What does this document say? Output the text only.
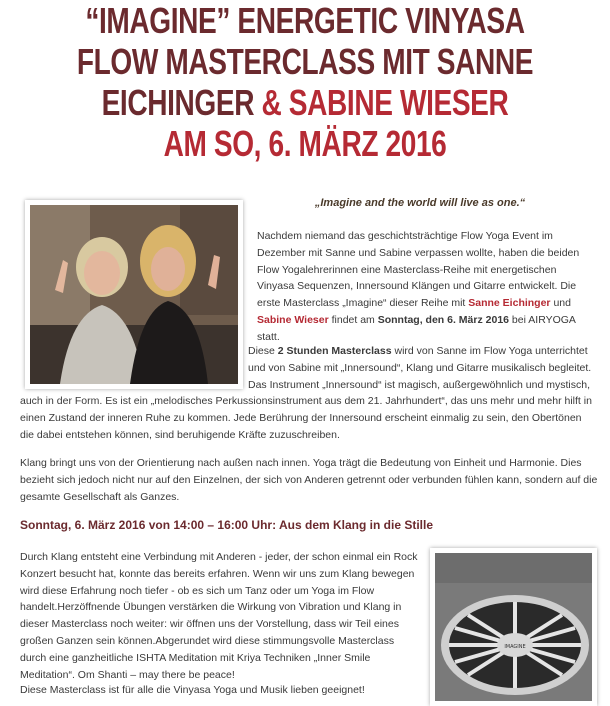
“IMAGINE” ENERGETIC VINYASA
FLOW MASTERCLASS MIT SANNE
EICHINGER & SABINE WIESER
AM SO, 6. MÄRZ 2016
„Imagine and the world will live as one.“
Nachdem niemand das geschichtsträchtige Flow Yoga Event im Dezember mit Sanne und Sabine verpassen wollte, haben die beiden Flow Yogalehrerinnen eine Masterclass-Reihe mit energetischen Vinyasa Sequenzen, Innersound Klängen und Gitarre entwickelt. Die erste Masterclass „Imagine“ dieser Reihe mit Sanne Eichinger und Sabine Wieser findet am Sonntag, den 6. März 2016 bei AIRYOGA statt.
Diese 2 Stunden Masterclass wird von Sanne im Flow Yoga unterrichtet und von Sabine mit „Innersound“, Klang und Gitarre musikalisch begleitet. Das Instrument „Innersound“ ist magisch, außergewöhnlich und mystisch, auch in der Form. Es ist ein „melodisches Perkussionsinstrument aus dem 21. Jahrhundert“, das uns mehr und mehr hilft in einen Zustand der inneren Ruhe zu kommen. Jede Berührung der Innersound erscheint einmalig zu sein, den Obertönen die dabei entstehen können, sind beruhigende Kräfte zuzuschreiben.
Klang bringt uns von der Orientierung nach außen nach innen. Yoga trägt die Bedeutung von Einheit und Harmonie. Dies bezieht sich jedoch nicht nur auf den Einzelnen, der sich von Anderen getrennt oder verbunden fühlen kann, sondern auf die gesamte Gesellschaft als Ganzes.
Sonntag, 6. März 2016 von 14:00 – 16:00 Uhr: Aus dem Klang in die Stille
Durch Klang entsteht eine Verbindung mit Anderen - jeder, der schon einmal ein Rock Konzert besucht hat, konnte das bereits erfahren. Wenn wir uns zum Klang bewegen wird diese Erfahrung noch tiefer - ob es sich um Tanz oder um Yoga im Flow handelt.Herzöffnende Übungen verstärken die Wirkung von Vibration und Klang in dieser Masterclass noch weiter: wir öffnen uns der Vorstellung, dass wir Teil eines großen Ganzen sein können.Abgerundet wird diese stimmungsvolle Masterclass durch eine ganzheitliche ISHTA Meditation mit Kriya Techniken „Inner Smile Meditation“. Om Shanti – may there be peace!
Diese Masterclass ist für alle die Vinyasa Yoga und Musik lieben geeignet!
IMAGINE
